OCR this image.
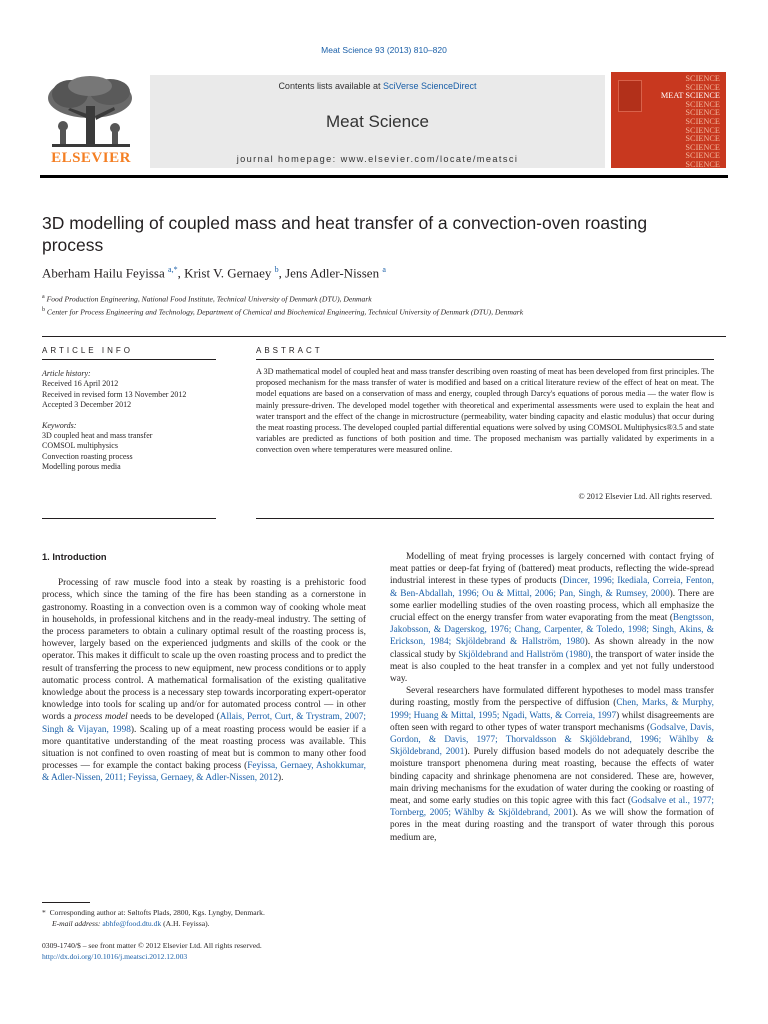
Meat Science 93 (2013) 810–820
ELSEVIER
Contents lists available at SciVerse ScienceDirect
Meat Science
journal homepage: www.elsevier.com/locate/meatsci
SCIENCE
SCIENCE
MEAT SCIENCE
SCIENCE
SCIENCE
SCIENCE
SCIENCE
SCIENCE
SCIENCE
SCIENCE
SCIENCE
3D modelling of coupled mass and heat transfer of a convection-oven roasting process
Aberham Hailu Feyissa $^{a,*}$, Krist V. Gernaey $^b$, Jens Adler-Nissen $^a$
$^a$ Food Production Engineering, National Food Institute, Technical University of Denmark (DTU), Denmark
$^b$ Center for Process Engineering and Technology, Department of Chemical and Biochemical Engineering, Technical University of Denmark (DTU), Denmark
ARTICLE INFO	ABSTRACT
Article history:
Received 16 April 2012
Received in revised form 13 November 2012
Accepted 3 December 2012
Keywords:
3D coupled heat and mass transfer
COMSOL multiphysics
Convection roasting process
Modelling porous media

A 3D mathematical model of coupled heat and mass transfer describing oven roasting of meat has been developed from first principles. The proposed mechanism for the mass transfer of water is modified and based on a critical literature review of the effect of heat on meat. The model equations are based on a conservation of mass and energy, coupled through Darcy's equations of porous media — the water flow is mainly pressure-driven. The developed model together with theoretical and experimental assessments were used to explain the heat and water transport and the effect of the change in microstructure (permeability, water binding capacity and elastic modulus) that occur during the meat roasting process. The developed coupled partial differential equations were solved by using COMSOL Multiphysics®3.5 and state variables are predicted as functions of both position and time. The proposed mechanism was partially validated by experiments in a convection oven where temperatures were measured online.

© 2012 Elsevier Ltd. All rights reserved.
1. Introduction

Processing of raw muscle food into a steak by roasting is a prehistoric food process, which since the taming of the fire has been standing as a cornerstone in gastronomy. Roasting in a convection oven is a common way of cooking whole meat in households, in professional kitchens and in the ready-meal industry. The setting of the process parameters to obtain a culinary optimal result of the roasting process is, however, largely based on the experienced judgments and skills of the cook or the operator. This makes it difficult to scale up the oven roasting process and to predict the result of transferring the process to new equipment, new process conditions or to apply automatic process control. A mathematical formalisation of the existing qualitative knowledge about the process is a necessary step towards incorporating expert-operator knowledge into tools for scaling up and/or for automated process control — in other words a process model needs to be developed (Allais, Perrot, Curt, & Trystram, 2007; Singh & Vijayan, 1998). Scaling up of a meat roasting process would be easier if a more quantitative understanding of the meat roasting process was available. This situation is not confined to oven roasting of meat but is common to many other food processes — for example the contact baking process (Feyissa, Gernaey, Ashokkumar, & Adler-Nissen, 2011; Feyissa, Gernaey, & Adler-Nissen, 2012).

Modelling of meat frying processes is largely concerned with contact frying of meat patties or deep-fat frying of (battered) meat products, reflecting the wide-spread industrial interest in these types of products (Dincer, 1996; Ikediala, Correia, Fenton, & Ben-Abdallah, 1996; Ou & Mittal, 2006; Pan, Singh, & Rumsey, 2000). There are some earlier modelling studies of the oven roasting process, which all emphasize the crucial effect on the energy transfer from water evaporating from the meat (Bengtsson, Jakobsson, & Dagerskog, 1976; Chang, Carpenter, & Toledo, 1998; Singh, Akins, & Erickson, 1984; Skjöldebrand & Hallström, 1980). As shown already in the now classical study by Skjöldebrand and Hallström (1980), the transport of water inside the meat is also coupled to the heat transfer in a complex and yet not fully understood way.

Several researchers have formulated different hypotheses to model mass transfer during roasting, mostly from the perspective of diffusion (Chen, Marks, & Murphy, 1999; Huang & Mittal, 1995; Ngadi, Watts, & Correia, 1997) whilst disagreements are often seen with regard to other types of water transport mechanisms (Godsalve, Davis, Gordon, & Davis, 1977; Thorvaldsson & Skjöldebrand, 1996; Wählby & Skjöldebrand, 2001). Purely diffusion based models do not adequately describe the moisture transport phenomena during meat roasting, because the effects of water binding capacity and shrinkage phenomena are not considered. These are, however, main driving mechanisms for the exudation of water during the cooking or roasting of meat, and some early studies on this topic agree with this fact (Godsalve et al., 1977; Tornberg, 2005; Wählby & Skjöldebrand, 2001). As we will show the formation of pores in the meat during roasting and the transport of water through this porous medium are,

* Corresponding author at: Søltofts Plads, 2800, Kgs. Lyngby, Denmark.
E-mail address: abhfe@food.dtu.dk (A.H. Feyissa).
0309-1740/$ – see front matter © 2012 Elsevier Ltd. All rights reserved.
http://dx.doi.org/10.1016/j.meatsci.2012.12.003
